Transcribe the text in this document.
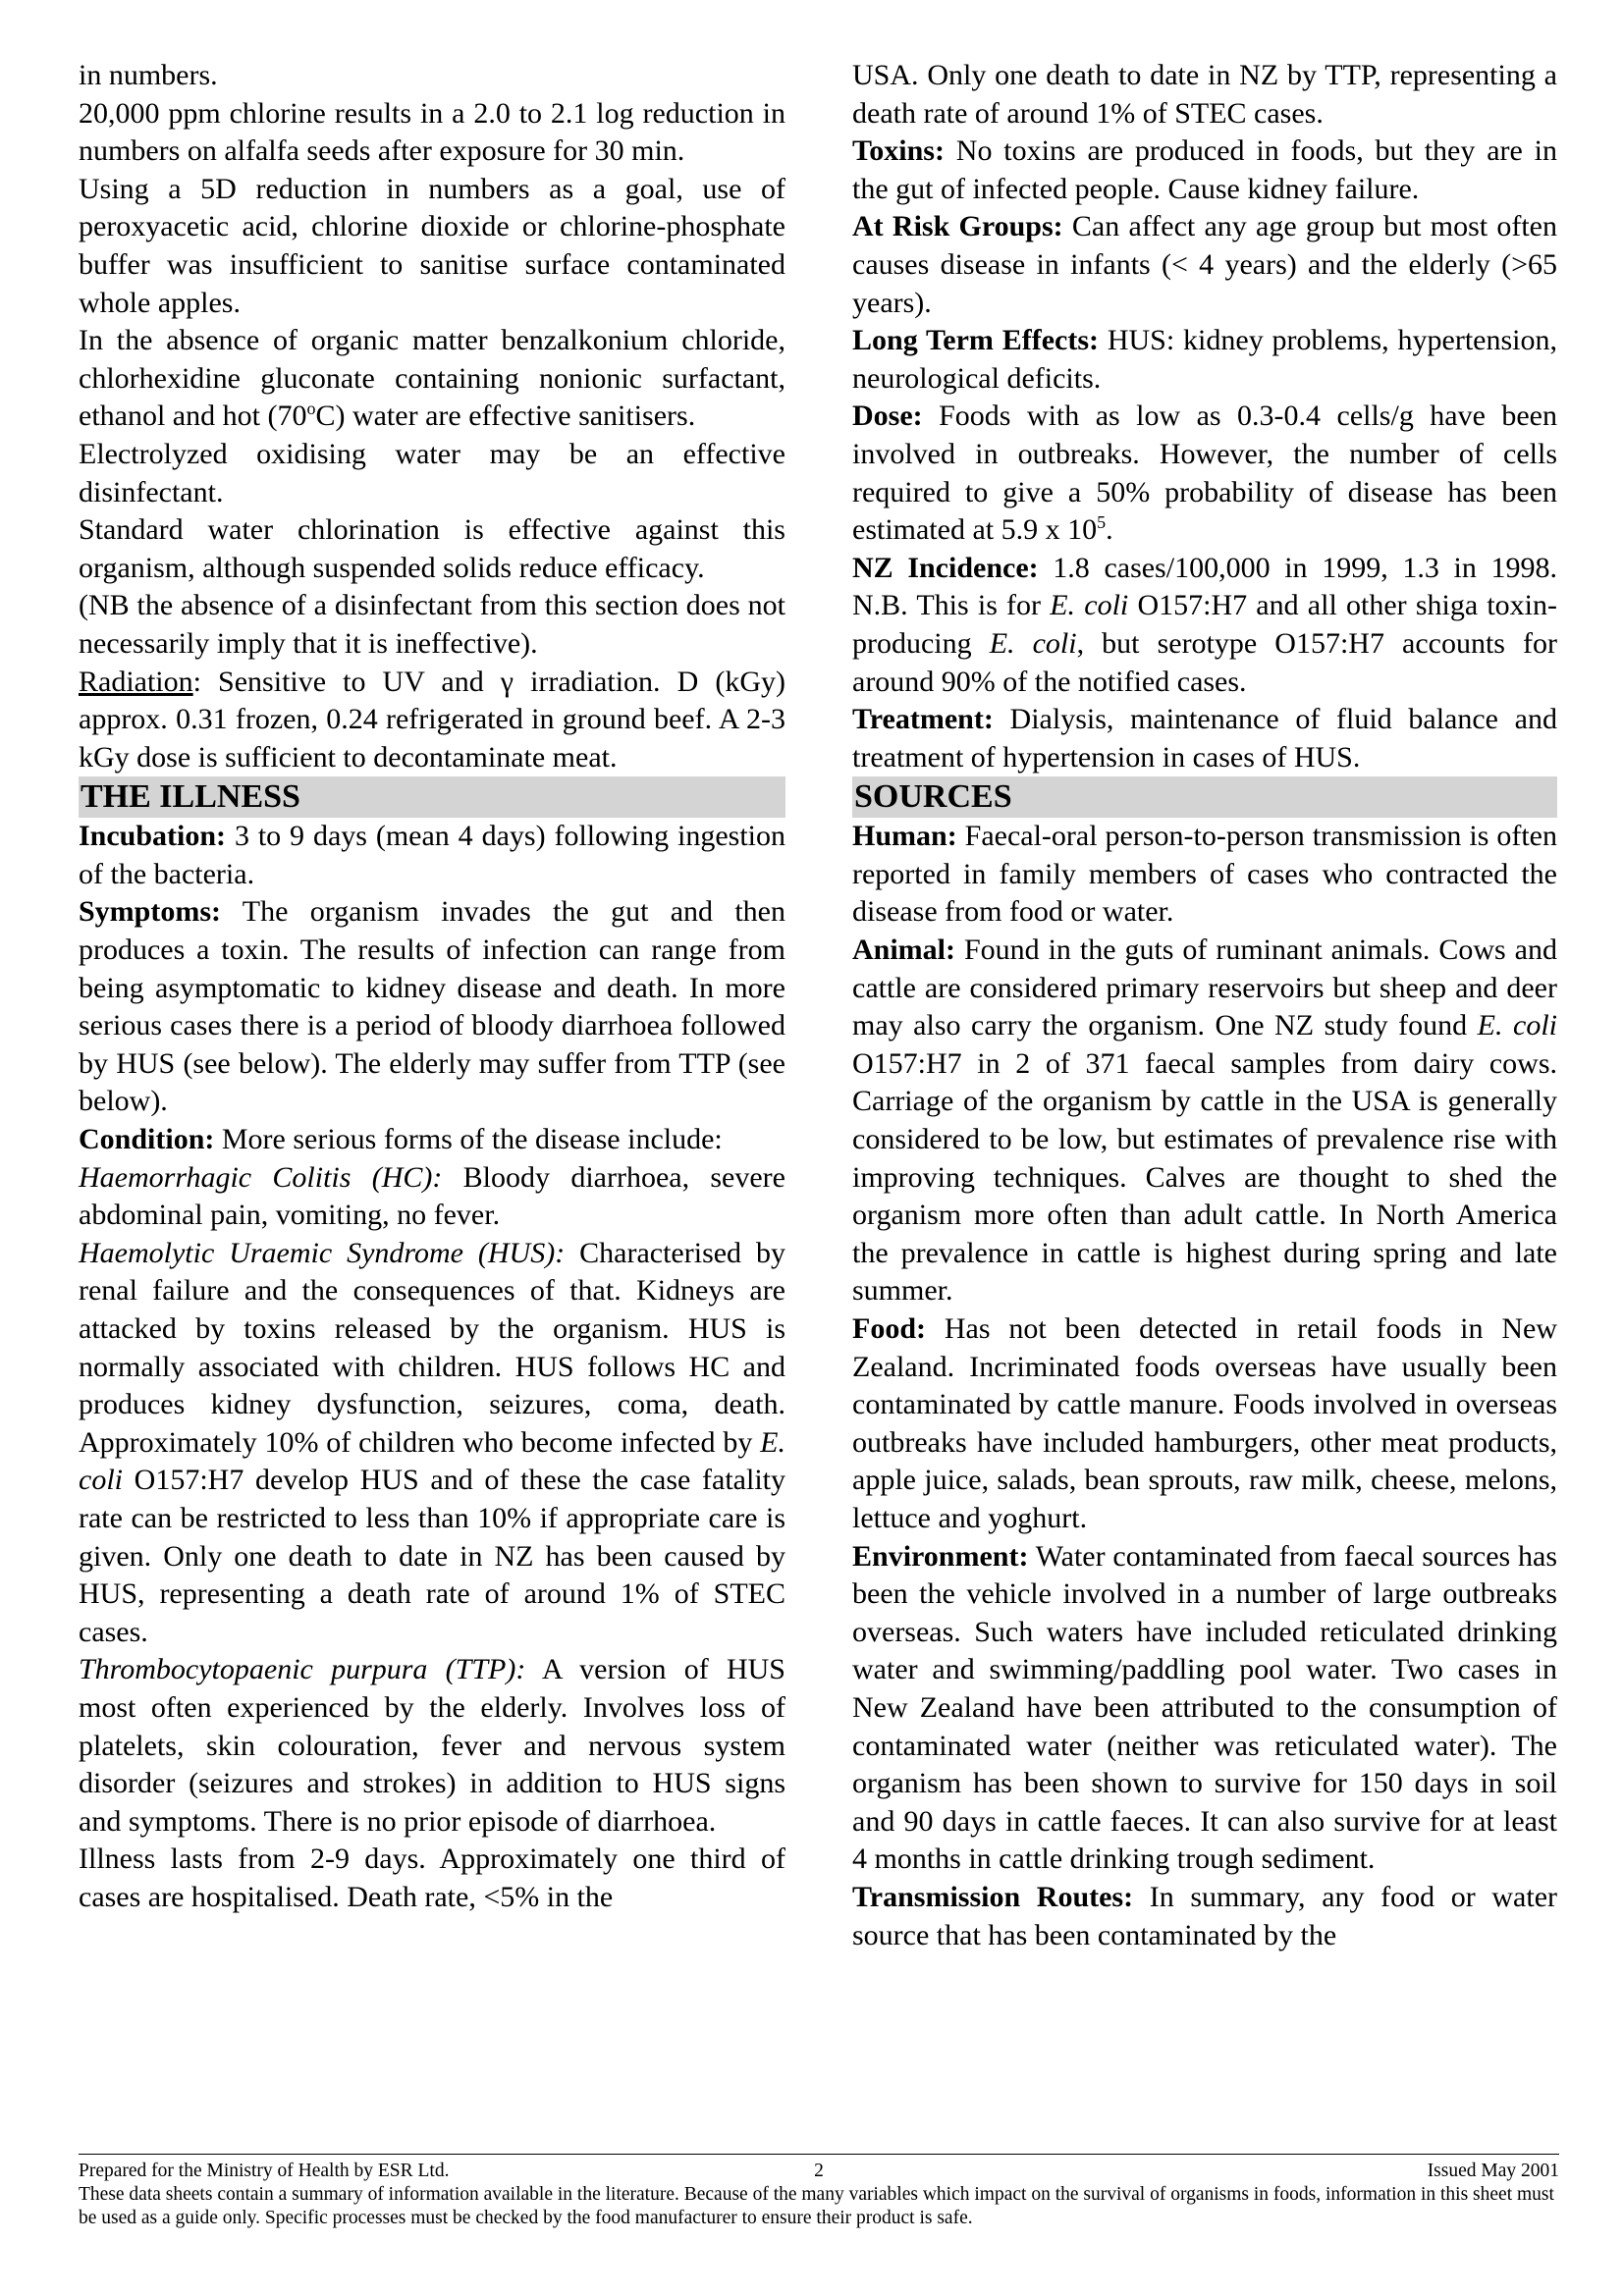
in numbers.

20,000 ppm chlorine results in a 2.0 to 2.1 log reduction in numbers on alfalfa seeds after exposure for 30 min.

Using a 5D reduction in numbers as a goal, use of peroxyacetic acid, chlorine dioxide or chlorine-phosphate buffer was insufficient to sanitise surface contaminated whole apples.

In the absence of organic matter benzalkonium chloride, chlorhexidine gluconate containing nonionic surfactant, ethanol and hot (70$^o$C) water are effective sanitisers.

Electrolyzed oxidising water may be an effective disinfectant.

Standard water chlorination is effective against this organism, although suspended solids reduce efficacy.

(NB the absence of a disinfectant from this section does not necessarily imply that it is ineffective).

Radiation: Sensitive to UV and γ irradiation. D (kGy) approx. 0.31 frozen, 0.24 refrigerated in ground beef. A 2-3 kGy dose is sufficient to decontaminate meat.

THE ILLNESS

Incubation: 3 to 9 days (mean 4 days) following ingestion of the bacteria.

Symptoms: The organism invades the gut and then produces a toxin. The results of infection can range from being asymptomatic to kidney disease and death. In more serious cases there is a period of bloody diarrhoea followed by HUS (see below). The elderly may suffer from TTP (see below).

Condition: More serious forms of the disease include:

Haemorrhagic Colitis (HC): Bloody diarrhoea, severe abdominal pain, vomiting, no fever.

Haemolytic Uraemic Syndrome (HUS): Characterised by renal failure and the consequences of that. Kidneys are attacked by toxins released by the organism. HUS is normally associated with children. HUS follows HC and produces kidney dysfunction, seizures, coma, death. Approximately 10% of children who become infected by E. coli O157:H7 develop HUS and of these the case fatality rate can be restricted to less than 10% if appropriate care is given. Only one death to date in NZ has been caused by HUS, representing a death rate of around 1% of STEC cases.

Thrombocytopaenic purpura (TTP): A version of HUS most often experienced by the elderly. Involves loss of platelets, skin colouration, fever and nervous system disorder (seizures and strokes) in addition to HUS signs and symptoms. There is no prior episode of diarrhoea.

Illness lasts from 2-9 days. Approximately one third of cases are hospitalised. Death rate, <5% in the

USA. Only one death to date in NZ by TTP, representing a death rate of around 1% of STEC cases.

Toxins: No toxins are produced in foods, but they are in the gut of infected people. Cause kidney failure.

At Risk Groups: Can affect any age group but most often causes disease in infants (< 4 years) and the elderly (>65 years).

Long Term Effects: HUS: kidney problems, hypertension, neurological deficits.

Dose: Foods with as low as 0.3-0.4 cells/g have been involved in outbreaks. However, the number of cells required to give a 50% probability of disease has been estimated at 5.9 x $10^5$.

NZ Incidence: 1.8 cases/100,000 in 1999, 1.3 in 1998. N.B. This is for E. coli O157:H7 and all other shiga toxin-producing E. coli, but serotype O157:H7 accounts for around 90% of the notified cases.

Treatment: Dialysis, maintenance of fluid balance and treatment of hypertension in cases of HUS.

SOURCES

Human: Faecal-oral person-to-person transmission is often reported in family members of cases who contracted the disease from food or water.

Animal: Found in the guts of ruminant animals. Cows and cattle are considered primary reservoirs but sheep and deer may also carry the organism. One NZ study found E. coli O157:H7 in 2 of 371 faecal samples from dairy cows. Carriage of the organism by cattle in the USA is generally considered to be low, but estimates of prevalence rise with improving techniques. Calves are thought to shed the organism more often than adult cattle. In North America the prevalence in cattle is highest during spring and late summer.

Food: Has not been detected in retail foods in New Zealand. Incriminated foods overseas have usually been contaminated by cattle manure. Foods involved in overseas outbreaks have included hamburgers, other meat products, apple juice, salads, bean sprouts, raw milk, cheese, melons, lettuce and yoghurt.

Environment: Water contaminated from faecal sources has been the vehicle involved in a number of large outbreaks overseas. Such waters have included reticulated drinking water and swimming/paddling pool water. Two cases in New Zealand have been attributed to the consumption of contaminated water (neither was reticulated water). The organism has been shown to survive for 150 days in soil and 90 days in cattle faeces. It can also survive for at least 4 months in cattle drinking trough sediment.

Transmission Routes: In summary, any food or water source that has been contaminated by the

Prepared for the Ministry of Health by ESR Ltd.	2	Issued May 2001
These data sheets contain a summary of information available in the literature. Because of the many variables which impact on the survival of organisms in foods, information in this sheet must be used as a guide only. Specific processes must be checked by the food manufacturer to ensure their product is safe.
